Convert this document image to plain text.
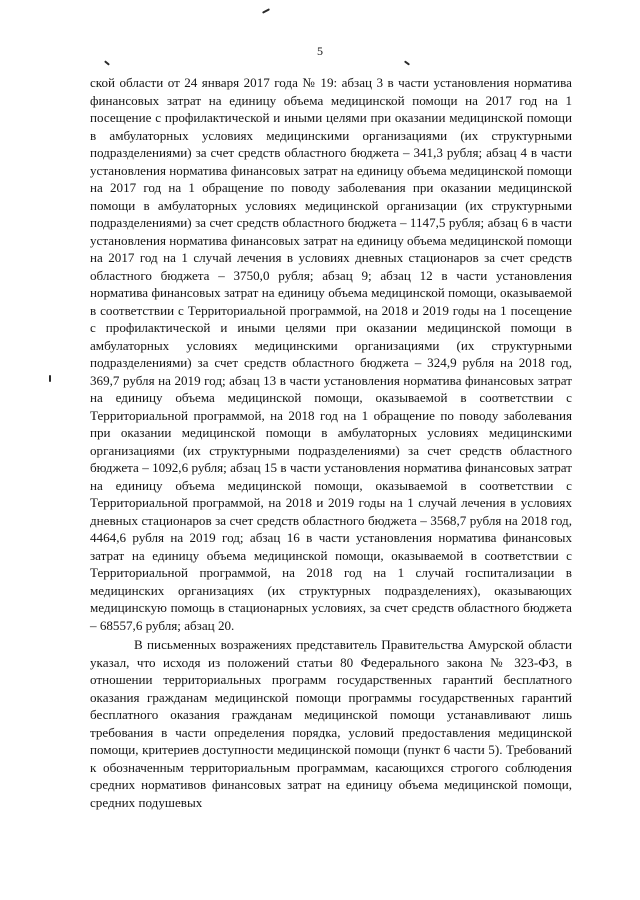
5

ской области от 24 января 2017 года № 19: абзац 3 в части установления норматива финансовых затрат на единицу объема медицинской помощи на 2017 год на 1 посещение с профилактической и иными целями при оказании медицинской помощи в амбулаторных условиях медицинскими организациями (их структурными подразделениями) за счет средств областного бюджета – 341,3 рубля; абзац 4 в части установления норматива финансовых затрат на единицу объема медицинской помощи на 2017 год на 1 обращение по поводу заболевания при оказании медицинской помощи в амбулаторных условиях медицинской организации (их структурными подразделениями) за счет средств областного бюджета – 1147,5 рубля; абзац 6 в части установления норматива финансовых затрат на единицу объема медицинской помощи на 2017 год на 1 случай лечения в условиях дневных стационаров за счет средств областного бюджета – 3750,0 рубля; абзац 9; абзац 12 в части установления норматива финансовых затрат на единицу объема медицинской помощи, оказываемой в соответствии с Территориальной программой, на 2018 и 2019 годы на 1 посещение с профилактической и иными целями при оказании медицинской помощи в амбулаторных условиях медицинскими организациями (их структурными подразделениями) за счет средств областного бюджета – 324,9 рубля на 2018 год, 369,7 рубля на 2019 год; абзац 13 в части установления норматива финансовых затрат на единицу объема медицинской помощи, оказываемой в соответствии с Территориальной программой, на 2018 год на 1 обращение по поводу заболевания при оказании медицинской помощи в амбулаторных условиях медицинскими организациями (их структурными подразделениями) за счет средств областного бюджета – 1092,6 рубля; абзац 15 в части установления норматива финансовых затрат на единицу объема медицинской помощи, оказываемой в соответствии с Территориальной программой, на 2018 и 2019 годы на 1 случай лечения в условиях дневных стационаров за счет средств областного бюджета – 3568,7 рубля на 2018 год, 4464,6 рубля на 2019 год; абзац 16 в части установления норматива финансовых затрат на единицу объема медицинской помощи, оказываемой в соответствии с Территориальной программой, на 2018 год на 1 случай госпитализации в медицинских организациях (их структурных подразделениях), оказывающих медицинскую помощь в стационарных условиях, за счет средств областного бюджета – 68557,6 рубля; абзац 20.

В письменных возражениях представитель Правительства Амурской области указал, что исходя из положений статьи 80 Федерального закона № 323-ФЗ, в отношении территориальных программ государственных гарантий бесплатного оказания гражданам медицинской помощи программы государственных гарантий бесплатного оказания гражданам медицинской помощи устанавливают лишь требования в части определения порядка, условий предоставления медицинской помощи, критериев доступности медицинской помощи (пункт 6 части 5). Требований к обозначенным территориальным программам, касающихся строгого соблюдения средних нормативов финансовых затрат на единицу объема медицинской помощи, средних подушевых
